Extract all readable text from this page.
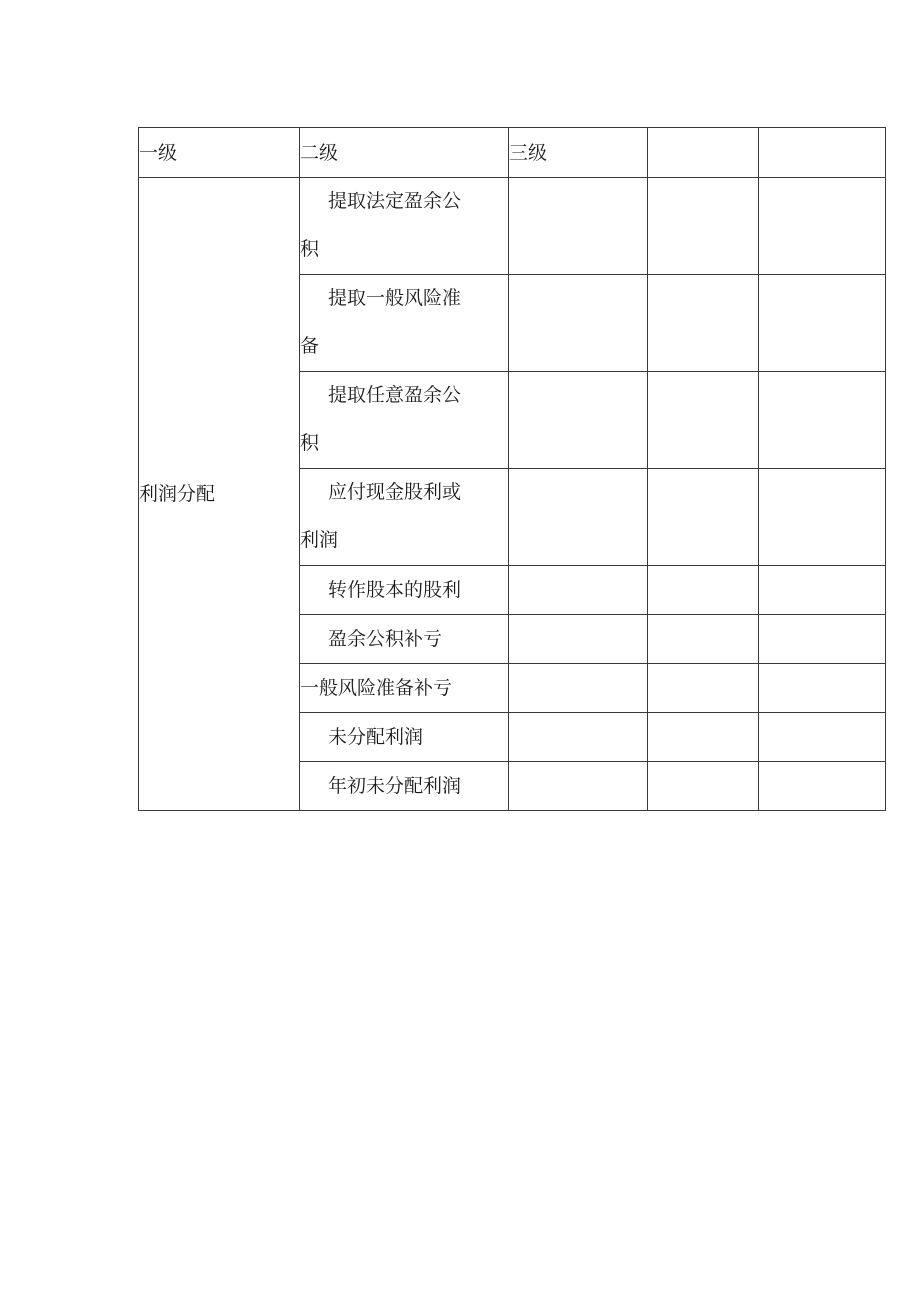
一级	二级	三级		

利润分配	提取法定盈余公积			

	提取一般风险准备			

	提取任意盈余公积			

	应付现金股利或利润			

	转作股本的股利			

	盈余公积补亏			

	一般风险准备补亏			

	未分配利润			

	年初未分配利润			
